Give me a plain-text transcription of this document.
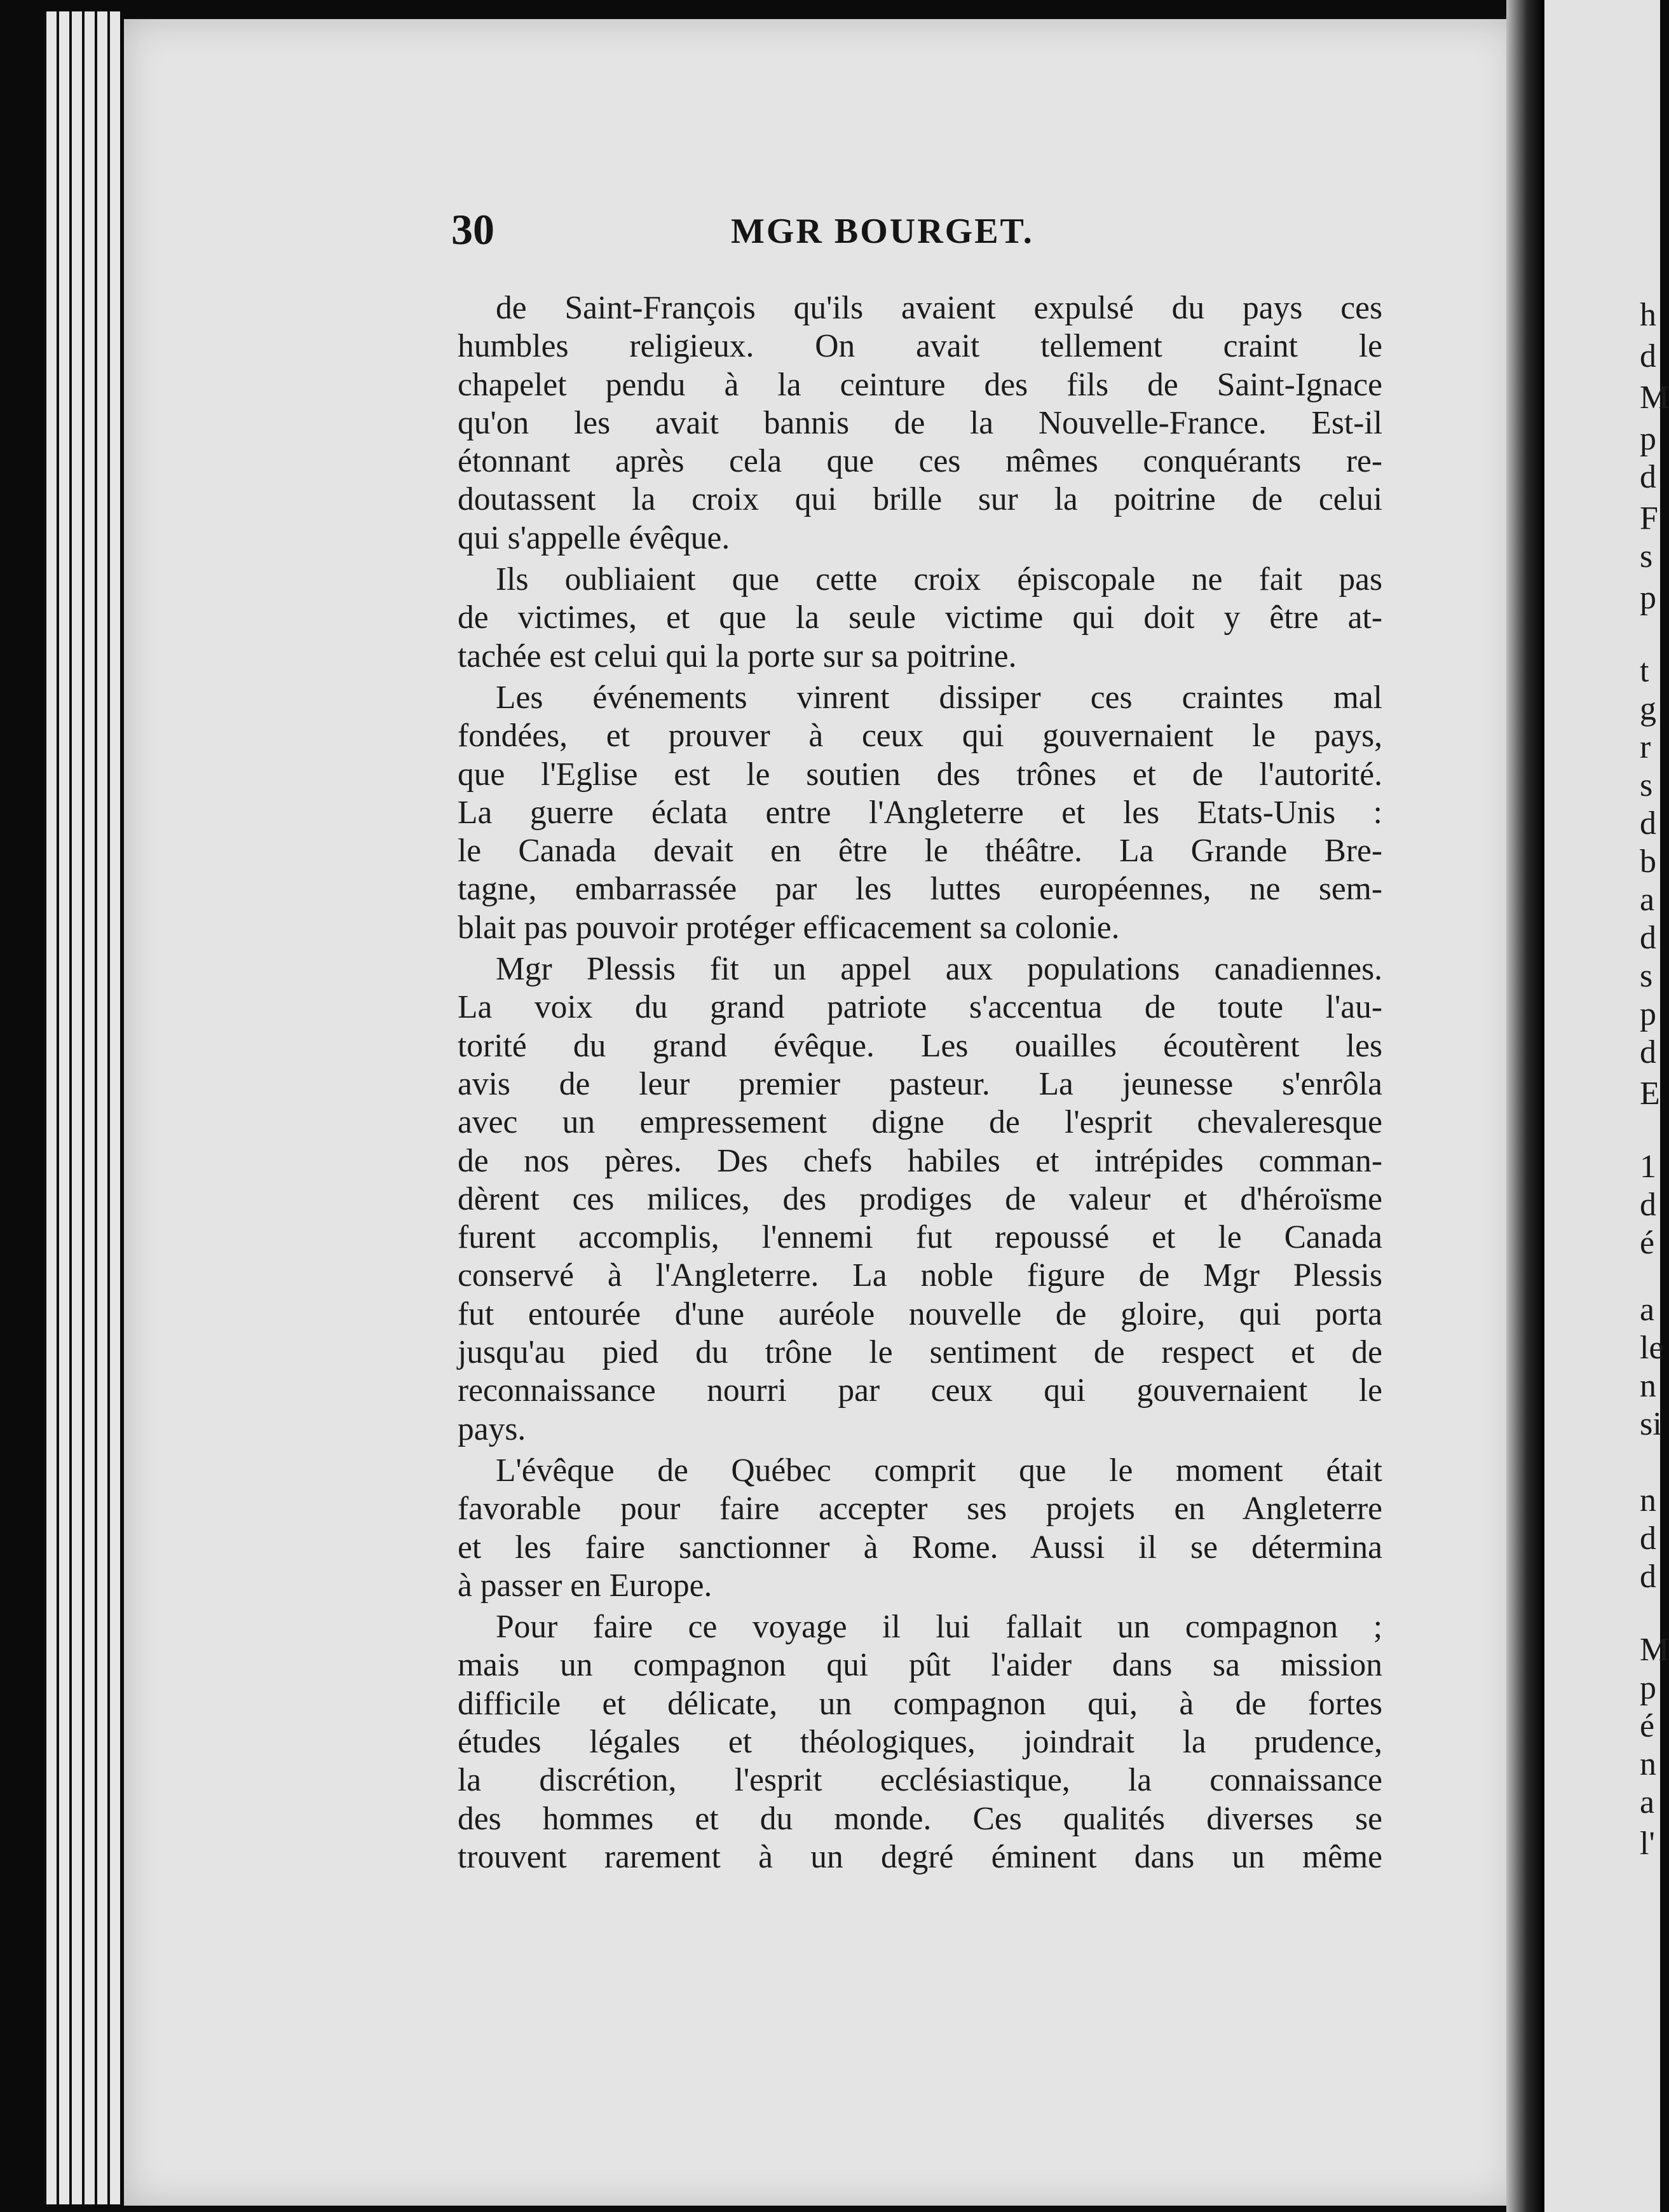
h
d
M
p
d
F
s
p
t
g
r
s
d
b
a
d
s
p
d
E
1
d
é
a
le
n
si
n
d
d
M
p
é
n
a
l'
30	MGR BOURGET.
de Saint-François qu'ils avaient expulsé du pays ces
humbles religieux. On avait tellement craint le
chapelet pendu à la ceinture des fils de Saint-Ignace
qu'on les avait bannis de la Nouvelle-France. Est-il
étonnant après cela que ces mêmes conquérants re-
doutassent la croix qui brille sur la poitrine de celui
qui s'appelle évêque.
Ils oubliaient que cette croix épiscopale ne fait pas
de victimes, et que la seule victime qui doit y être at-
tachée est celui qui la porte sur sa poitrine.
Les événements vinrent dissiper ces craintes mal
fondées, et prouver à ceux qui gouvernaient le pays,
que l'Eglise est le soutien des trônes et de l'autorité.
La guerre éclata entre l'Angleterre et les Etats-Unis :
le Canada devait en être le théâtre. La Grande Bre-
tagne, embarrassée par les luttes européennes, ne sem-
blait pas pouvoir protéger efficacement sa colonie.
Mgr Plessis fit un appel aux populations canadiennes.
La voix du grand patriote s'accentua de toute l'au-
torité du grand évêque. Les ouailles écoutèrent les
avis de leur premier pasteur. La jeunesse s'enrôla
avec un empressement digne de l'esprit chevaleresque
de nos pères. Des chefs habiles et intrépides comman-
dèrent ces milices, des prodiges de valeur et d'héroïsme
furent accomplis, l'ennemi fut repoussé et le Canada
conservé à l'Angleterre. La noble figure de Mgr Plessis
fut entourée d'une auréole nouvelle de gloire, qui porta
jusqu'au pied du trône le sentiment de respect et de
reconnaissance nourri par ceux qui gouvernaient le
pays.
L'évêque de Québec comprit que le moment était
favorable pour faire accepter ses projets en Angleterre
et les faire sanctionner à Rome. Aussi il se détermina
à passer en Europe.
Pour faire ce voyage il lui fallait un compagnon ;
mais un compagnon qui pût l'aider dans sa mission
difficile et délicate, un compagnon qui, à de fortes
études légales et théologiques, joindrait la prudence,
la discrétion, l'esprit ecclésiastique, la connaissance
des hommes et du monde. Ces qualités diverses se
trouvent rarement à un degré éminent dans un même
